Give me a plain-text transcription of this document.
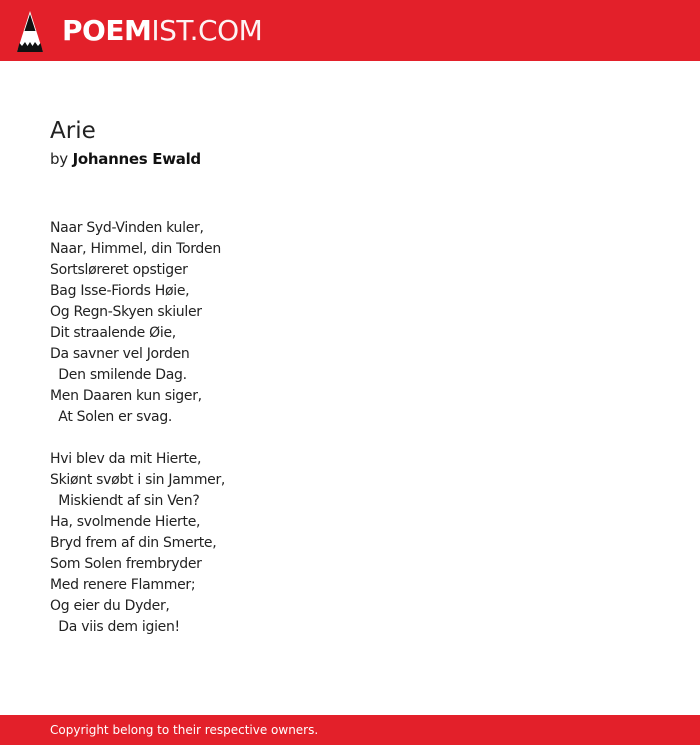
POEMIST.COM
Arie
by Johannes Ewald
Naar Syd-Vinden kuler,
Naar, Himmel, din Torden
Sortsløreret opstiger
Bag Isse-Fiords Høie,
Og Regn-Skyen skiuler
Dit straalende Øie,
Da savner vel Jorden
Den smilende Dag.
Men Daaren kun siger,
At Solen er svag.
Hvi blev da mit Hierte,
Skiønt svøbt i sin Jammer,
Miskiendt af sin Ven?
Ha, svolmende Hierte,
Bryd frem af din Smerte,
Som Solen frembryder
Med renere Flammer;
Og eier du Dyder,
Da viis dem igien!
Copyright belong to their respective owners.
